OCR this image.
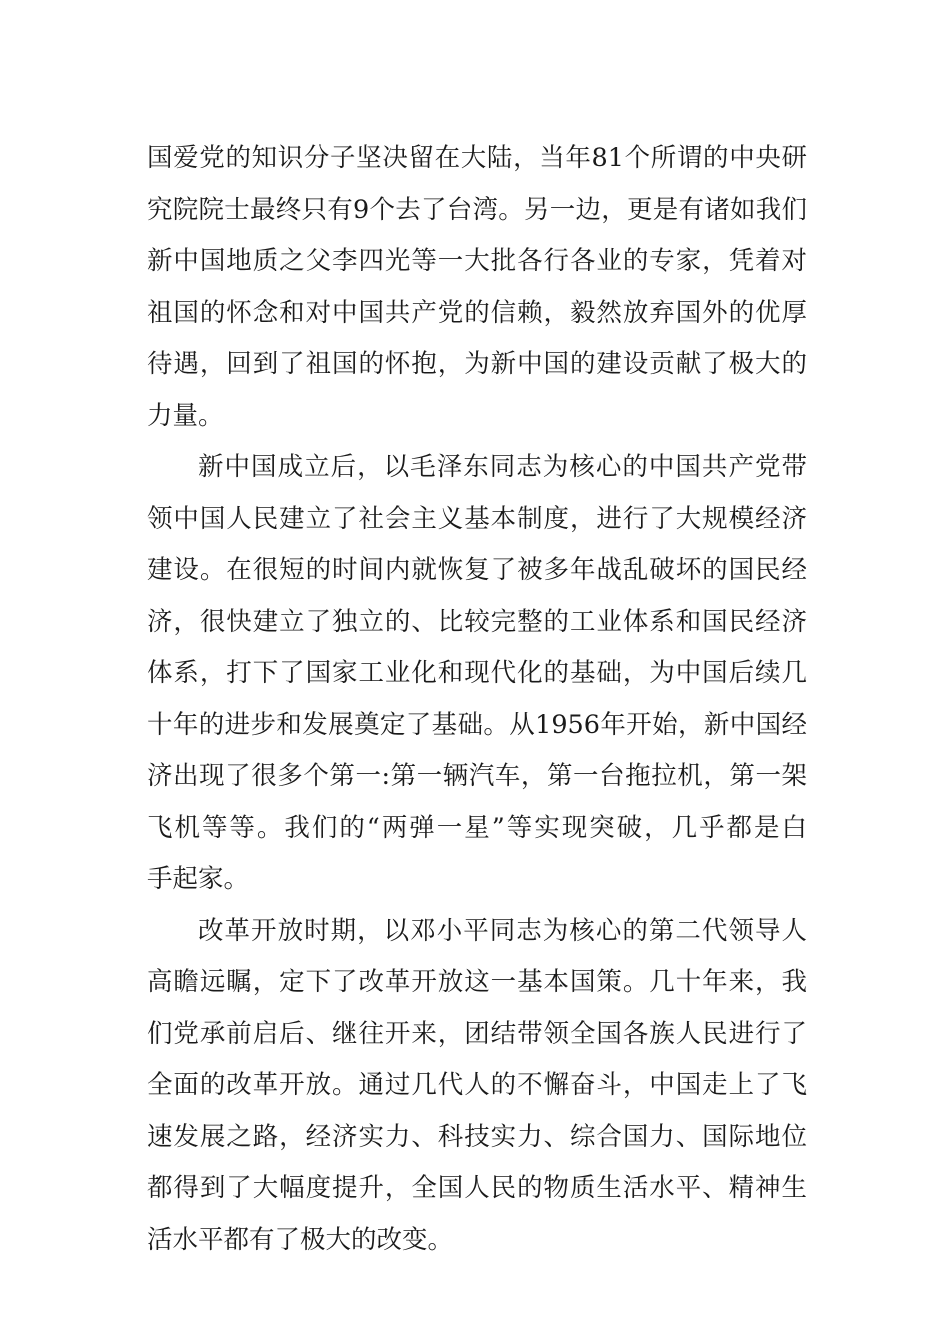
国爱党的知识分子坚决留在大陆，当年81个所谓的中央研
究院院士最终只有9个去了台湾。另一边，更是有诸如我们
新中国地质之父李四光等一大批各行各业的专家，凭着对
祖国的怀念和对中国共产党的信赖，毅然放弃国外的优厚
待遇，回到了祖国的怀抱，为新中国的建设贡献了极大的
力量。
新中国成立后，以毛泽东同志为核心的中国共产党带
领中国人民建立了社会主义基本制度，进行了大规模经济
建设。在很短的时间内就恢复了被多年战乱破坏的国民经
济，很快建立了独立的、比较完整的工业体系和国民经济
体系，打下了国家工业化和现代化的基础，为中国后续几
十年的进步和发展奠定了基础。从1956年开始，新中国经
济出现了很多个第一:第一辆汽车，第一台拖拉机，第一架
飞机等等。我们的“两弹一星”等实现突破，几乎都是白
手起家。
改革开放时期，以邓小平同志为核心的第二代领导人
高瞻远瞩，定下了改革开放这一基本国策。几十年来，我
们党承前启后、继往开来，团结带领全国各族人民进行了
全面的改革开放。通过几代人的不懈奋斗，中国走上了飞
速发展之路，经济实力、科技实力、综合国力、国际地位
都得到了大幅度提升，全国人民的物质生活水平、精神生
活水平都有了极大的改变。
